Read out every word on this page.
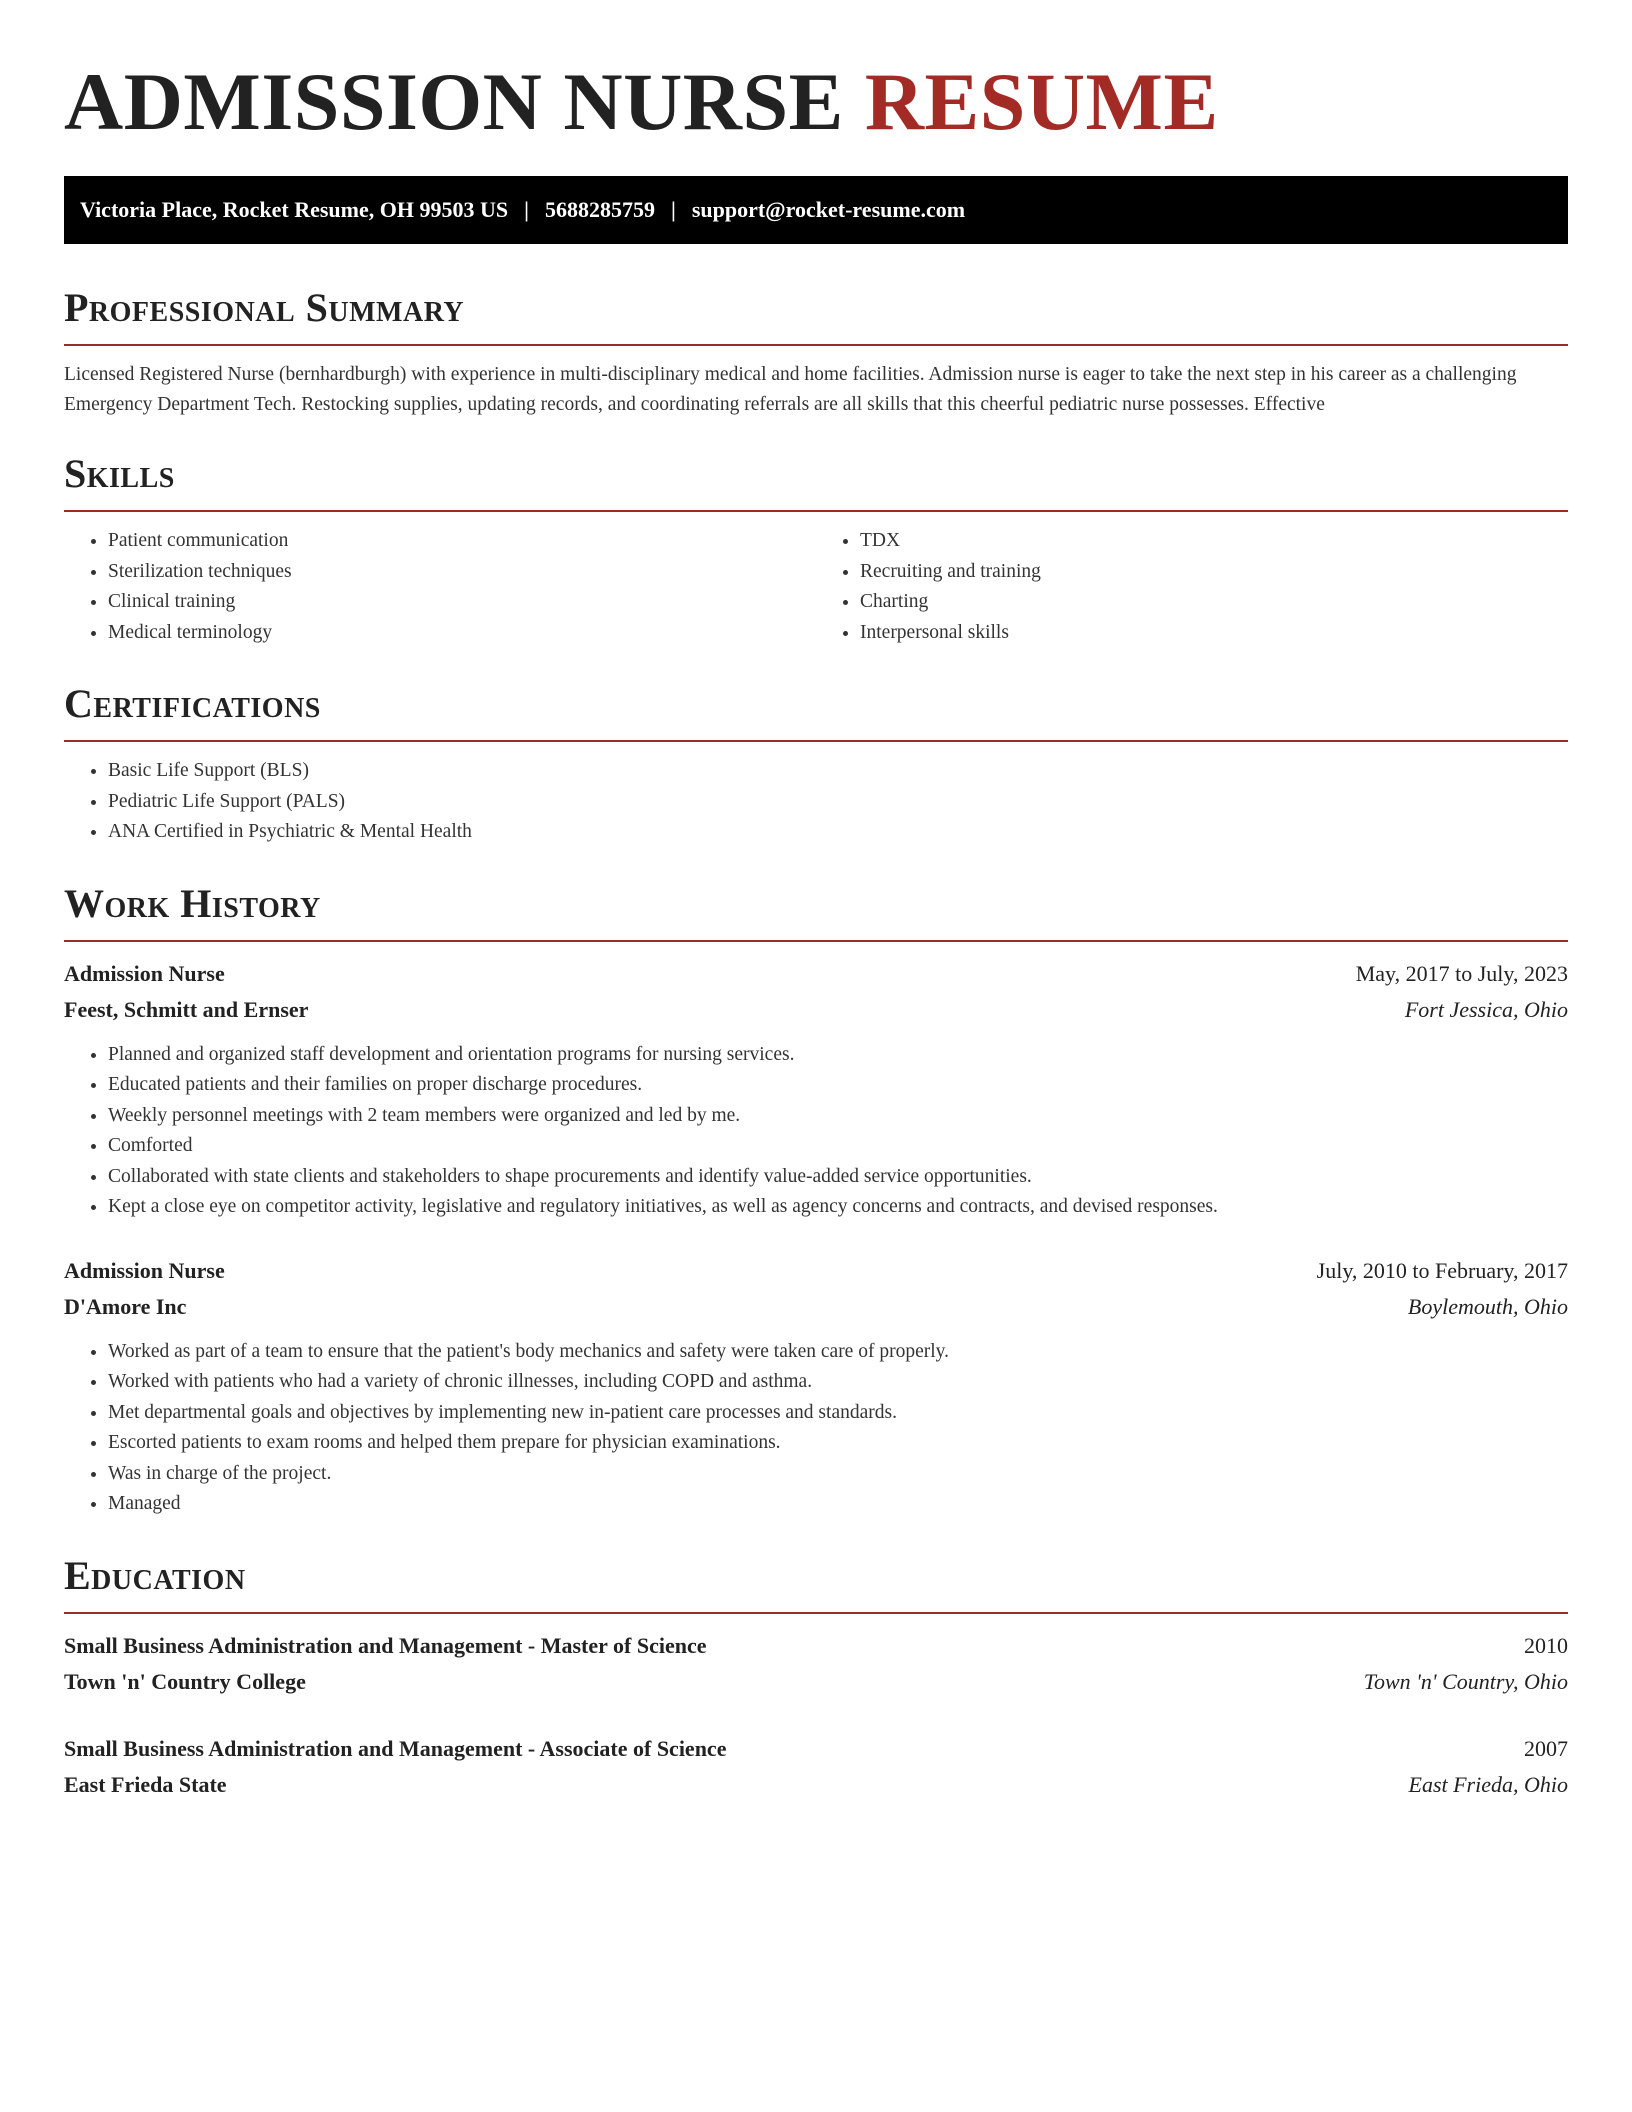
ADMISSION NURSE RESUME
Victoria Place, Rocket Resume, OH 99503 US | 5688285759 | support@rocket-resume.com
Professional Summary

Licensed Registered Nurse (bernhardburgh) with experience in multi-disciplinary medical and home facilities. Admission nurse is eager to take the next step in his career as a challenging Emergency Department Tech. Restocking supplies, updating records, and coordinating referrals are all skills that this cheerful pediatric nurse possesses. Effective

Skills
• Patient communication
• Sterilization techniques
• Clinical training
• Medical terminology
• TDX
• Recruiting and training
• Charting
• Interpersonal skills
Certifications
• Basic Life Support (BLS)
• Pediatric Life Support (PALS)
• ANA Certified in Psychiatric & Mental Health
Work History
Admission Nurse	May, 2017 to July, 2023
Feest, Schmitt and Ernser	Fort Jessica, Ohio
• Planned and organized staff development and orientation programs for nursing services.
• Educated patients and their families on proper discharge procedures.
• Weekly personnel meetings with 2 team members were organized and led by me.
• Comforted
• Collaborated with state clients and stakeholders to shape procurements and identify value-added service opportunities.
• Kept a close eye on competitor activity, legislative and regulatory initiatives, as well as agency concerns and contracts, and devised responses.
Admission Nurse	July, 2010 to February, 2017
D'Amore Inc	Boylemouth, Ohio
• Worked as part of a team to ensure that the patient's body mechanics and safety were taken care of properly.
• Worked with patients who had a variety of chronic illnesses, including COPD and asthma.
• Met departmental goals and objectives by implementing new in-patient care processes and standards.
• Escorted patients to exam rooms and helped them prepare for physician examinations.
• Was in charge of the project.
• Managed
Education
Small Business Administration and Management - Master of Science	2010
Town 'n' Country College	Town 'n' Country, Ohio
Small Business Administration and Management - Associate of Science	2007
East Frieda State	East Frieda, Ohio
